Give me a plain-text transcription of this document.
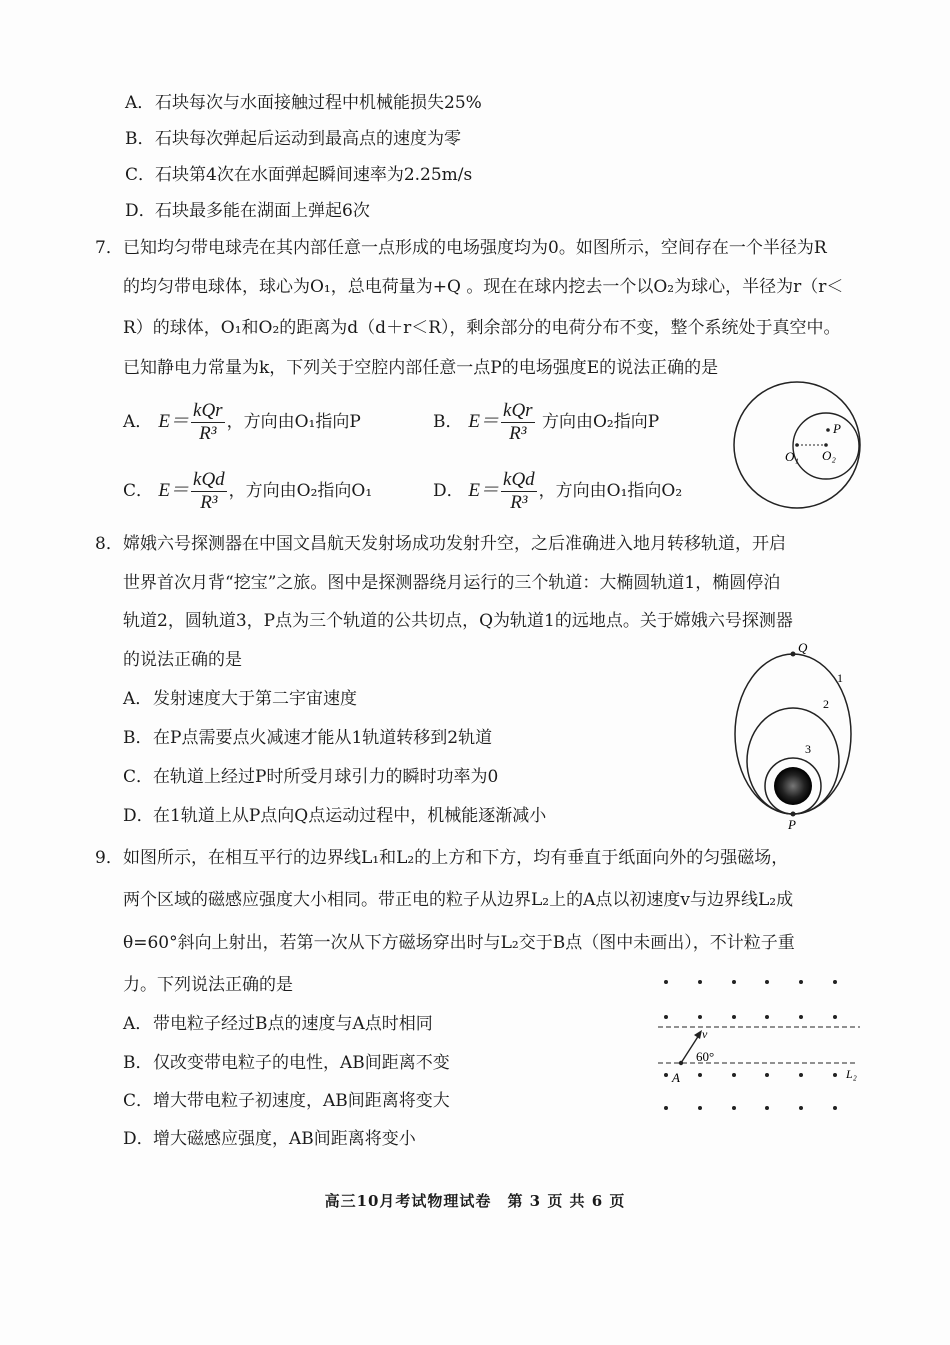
A．石块每次与水面接触过程中机械能损失25%
B．石块每次弹起后运动到最高点的速度为零
C．石块第4次在水面弹起瞬间速率为2.25m/s
D．石块最多能在湖面上弹起6次
7．已知均匀带电球壳在其内部任意一点形成的电场强度均为0。如图所示，空间存在一个半径为R
的均匀带电球体，球心为O₁，总电荷量为+Q 。现在在球内挖去一个以O₂为球心，半径为r（r＜
R）的球体，O₁和O₂的距离为d（d＋r＜R），剩余部分的电荷分布不变，整个系统处于真空中。
已知静电力常量为k，下列关于空腔内部任意一点P的电场强度E的说法正确的是
A． $E= \frac{\text{kQr}}{\text{R³}}$ ，方向由O₁指向P	B． $E= \frac{\text{kQr}}{\text{R³}}$ 方向由O₂指向P
C． $E= \frac{\text{kQd}}{\text{R³}}$ ，方向由O₂指向O₁	D． $E= \frac{\text{kQd}}{\text{R³}}$ ，方向由O₁指向O₂
O₁ O₂
P
8．嫦娥六号探测器在中国文昌航天发射场成功发射升空，之后准确进入地月转移轨道，开启
世界首次月背“挖宝”之旅。图中是探测器绕月运行的三个轨道：大椭圆轨道1，椭圆停泊
轨道2，圆轨道3，P点为三个轨道的公共切点，Q为轨道1的远地点。关于嫦娥六号探测器
的说法正确的是
A．发射速度大于第二宇宙速度
B．在P点需要点火减速才能从1轨道转移到2轨道
C．在轨道上经过P时所受月球引力的瞬时功率为0
D．在1轨道上从P点向Q点运动过程中，机械能逐渐减小
Q
P
1
2
3
9．如图所示，在相互平行的边界线L₁和L₂的上方和下方，均有垂直于纸面向外的匀强磁场，
两个区域的磁感应强度大小相同。带正电的粒子从边界L₂上的A点以初速度v与边界线L₂成
θ=60°斜向上射出，若第一次从下方磁场穿出时与L₂交于B点（图中未画出），不计粒子重
力。下列说法正确的是
A．带电粒子经过B点的速度与A点时相同
B．仅改变带电粒子的电性，AB间距离不变
C．增大带电粒子初速度，AB间距离将变大
D．增大磁感应强度，AB间距离将变小
v
60°
A	L₂
高三10月考试物理试卷　第 3 页 共 6 页
